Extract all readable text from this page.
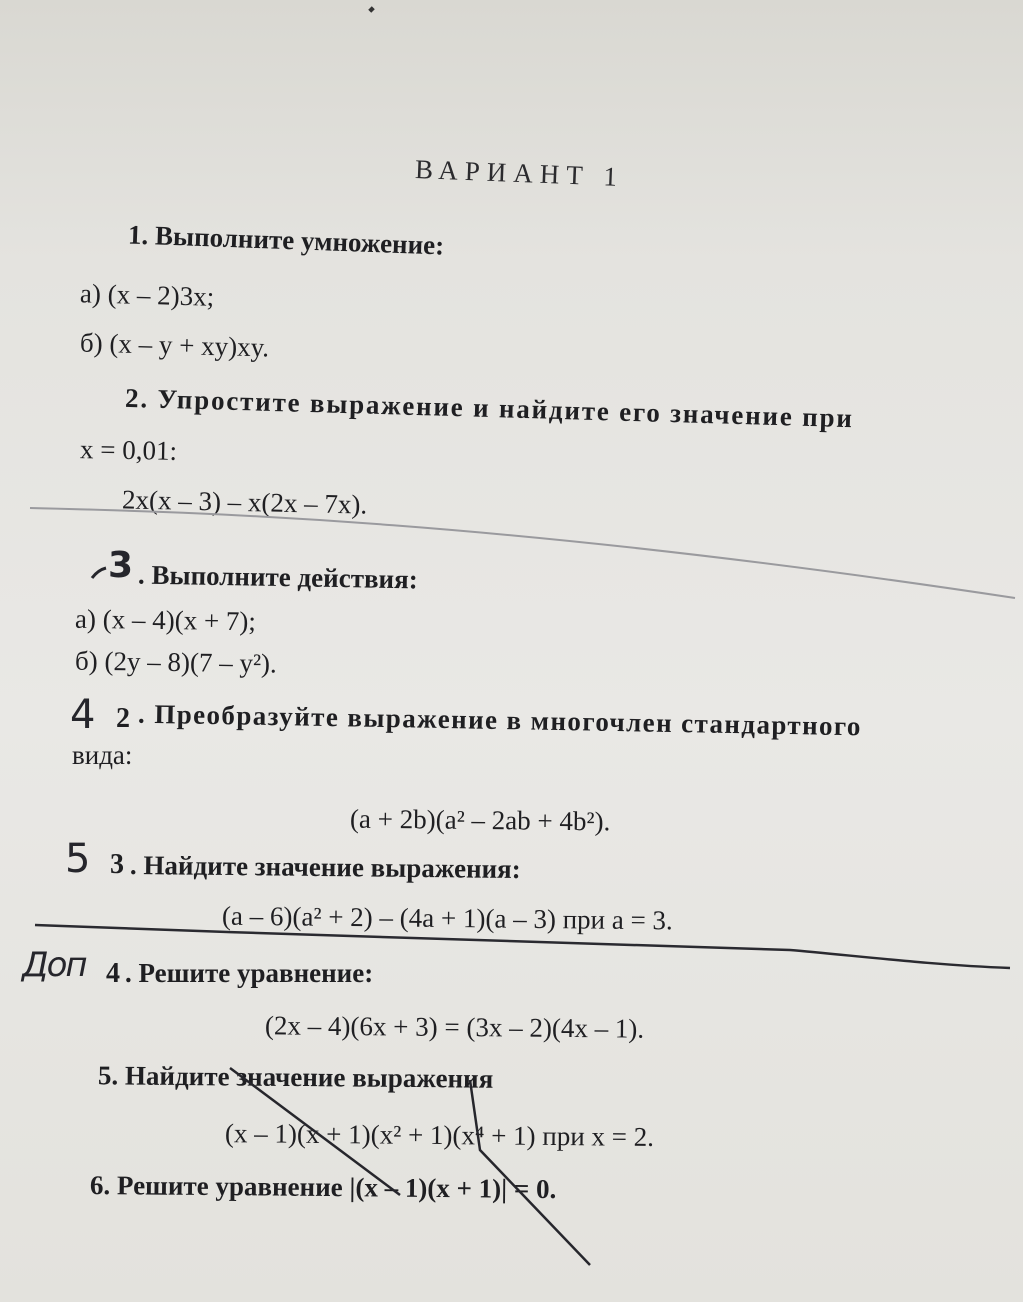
ВАРИАНТ 1
1. Выполните умножение:
а) (x – 2)3x;
б) (x – y + xy)xy.
2. Упростите выражение и найдите его значение при
x = 0,01:
2x(x – 3) – x(2x – 7x).
. Выполните действия:
а) (x – 4)(x + 7);
б) (2y – 8)(7 – y²).
. Преобразуйте выражение в многочлен стандартного
вида:
(a + 2b)(a² – 2ab + 4b²).
. Найдите значение выражения:
(a – 6)(a² + 2) – (4a + 1)(a – 3) при a = 3.
. Решите уравнение:
(2x – 4)(6x + 3) = (3x – 2)(4x – 1).
5. Найдите значение выражения
(x – 1)(x + 1)(x² + 1)(x⁴ + 1) при x = 2.
6. Решите уравнение |(x – 1)(x + 1)| = 0.
3
4 2
5 3
Доп 4
